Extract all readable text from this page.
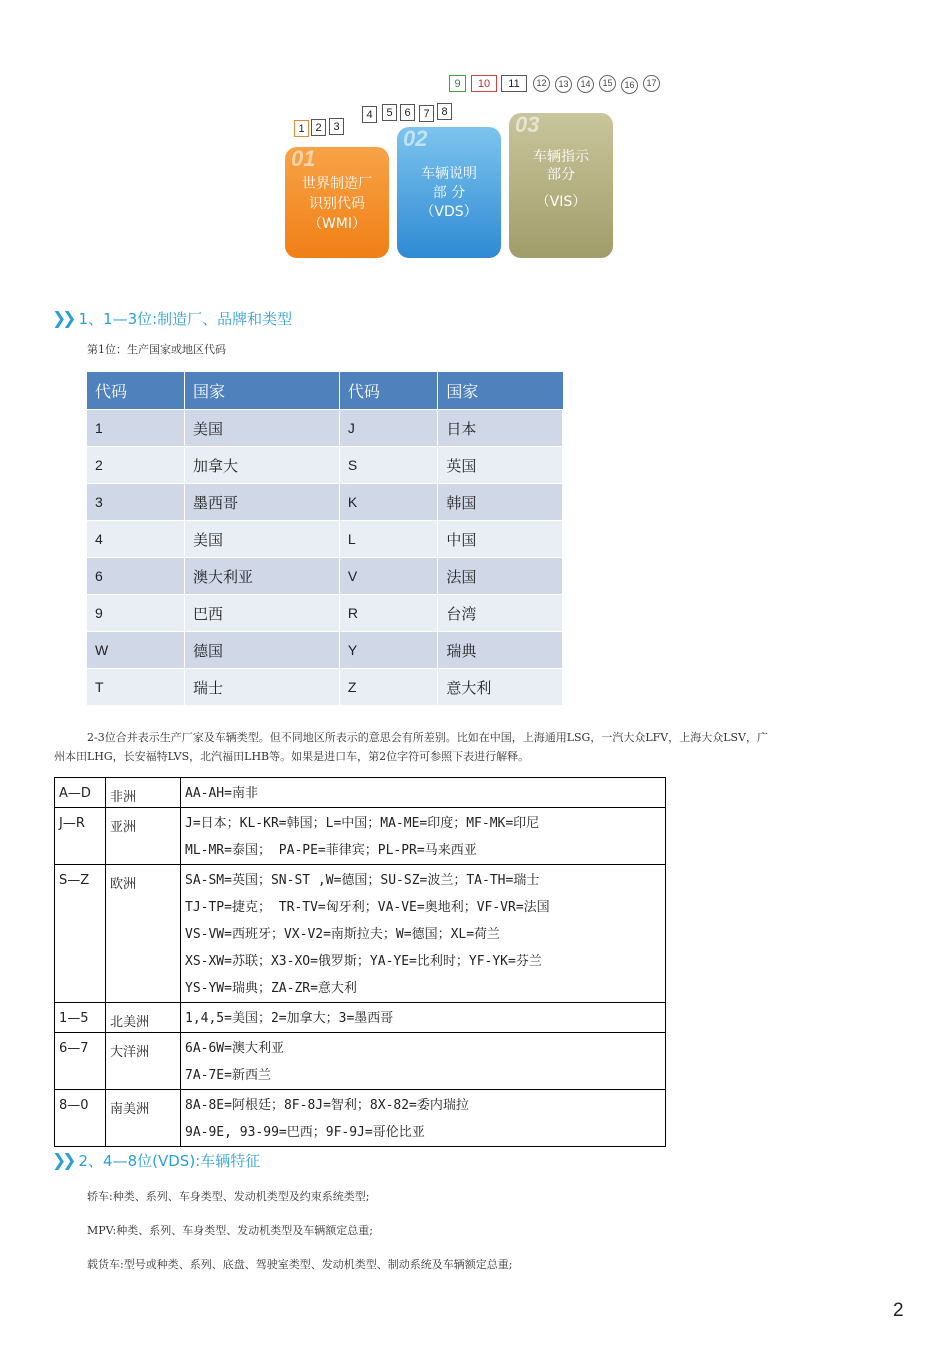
1 2	3
4	5	6	7	8
9	10	11	12	13	14	15	16	17
01
世界制造厂
识别代码
（WMI）
02
车辆说明
部 分
（VDS）
03
车辆指示
部分
（VIS）
❯❯ 1、1—3位:制造厂、品牌和类型
第1位：生产国家或地区代码
代码	国家	代码	国家
1	美国	J	日本
2	加拿大	S	英国
3	墨西哥	K	韩国
4	美国	L	中国
6	澳大利亚	V	法国
9	巴西	R	台湾
W	德国	Y	瑞典
T	瑞士	Z	意大利
2-3位合并表示生产厂家及车辆类型。但不同地区所表示的意思会有所差别。比如在中国，上海通用LSG，一汽大众LFV，上海大众LSV，广
州本田LHG，长安福特LVS，北汽福田LHB等。如果是进口车，第2位字符可参照下表进行解释。
A—D	非洲	AA-AH=南非

J—R	亚洲	J=日本；KL-KR=韩国；L=中国；MA-ME=印度；MF-MK=印尼
ML-MR=泰国； PA-PE=菲律宾；PL-PR=马来西亚

S—Z	欧洲	SA-SM=英国；SN-ST ,W=德国；SU-SZ=波兰；TA-TH=瑞士
TJ-TP=捷克； TR-TV=匈牙利；VA-VE=奥地利；VF-VR=法国
VS-VW=西班牙；VX-V2=南斯拉夫；W=德国；XL=荷兰
XS-XW=苏联；X3-XO=俄罗斯；YA-YE=比利时；YF-YK=芬兰
YS-YW=瑞典；ZA-ZR=意大利

1—5	北美洲	1,4,5=美国；2=加拿大；3=墨西哥

6—7	大洋洲	6A-6W=澳大利亚
7A-7E=新西兰

8—0	南美洲	8A-8E=阿根廷；8F-8J=智利；8X-82=委内瑞拉
9A-9E, 93-99=巴西；9F-9J=哥伦比亚
❯❯ 2、4—8位(VDS):车辆特征
轿车:种类、系列、车身类型、发动机类型及约束系统类型;
MPV:种类、系列、车身类型、发动机类型及车辆额定总重;
载货车:型号或种类、系列、底盘、驾驶室类型、发动机类型、制动系统及车辆额定总重;
2
